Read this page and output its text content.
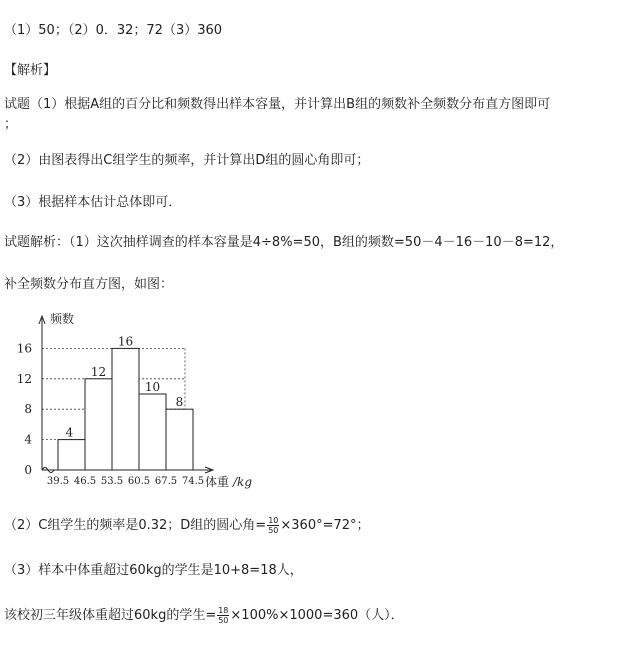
（1）50；（2）0．32；72（3）360
【解析】
试题（1）根据A组的百分比和频数得出样本容量，并计算出B组的频数补全频数分布直方图即可
；
（2）由图表得出C组学生的频率，并计算出D组的圆心角即可；
（3）根据样本估计总体即可．
试题解析：（1）这次抽样调查的样本容量是4÷8%=50，B组的频数=50－4－16－10－8=12，
补全频数分布直方图，如图：
0
4
8
12
16
频数
4
12
16
10
8
39.5 46.5 53.5 60.5 67.5 74.5 体重 /kg
（2）C组学生的频率是0.32；D组的圆心角= $\frac{10}{50} \times 360^\circ=72^\circ$；
（3）样本中体重超过60kg的学生是10+8=18人，
该校初三年级体重超过60kg的学生= $\frac{18}{50} \times 100\%\times 1000=360$（人）．
